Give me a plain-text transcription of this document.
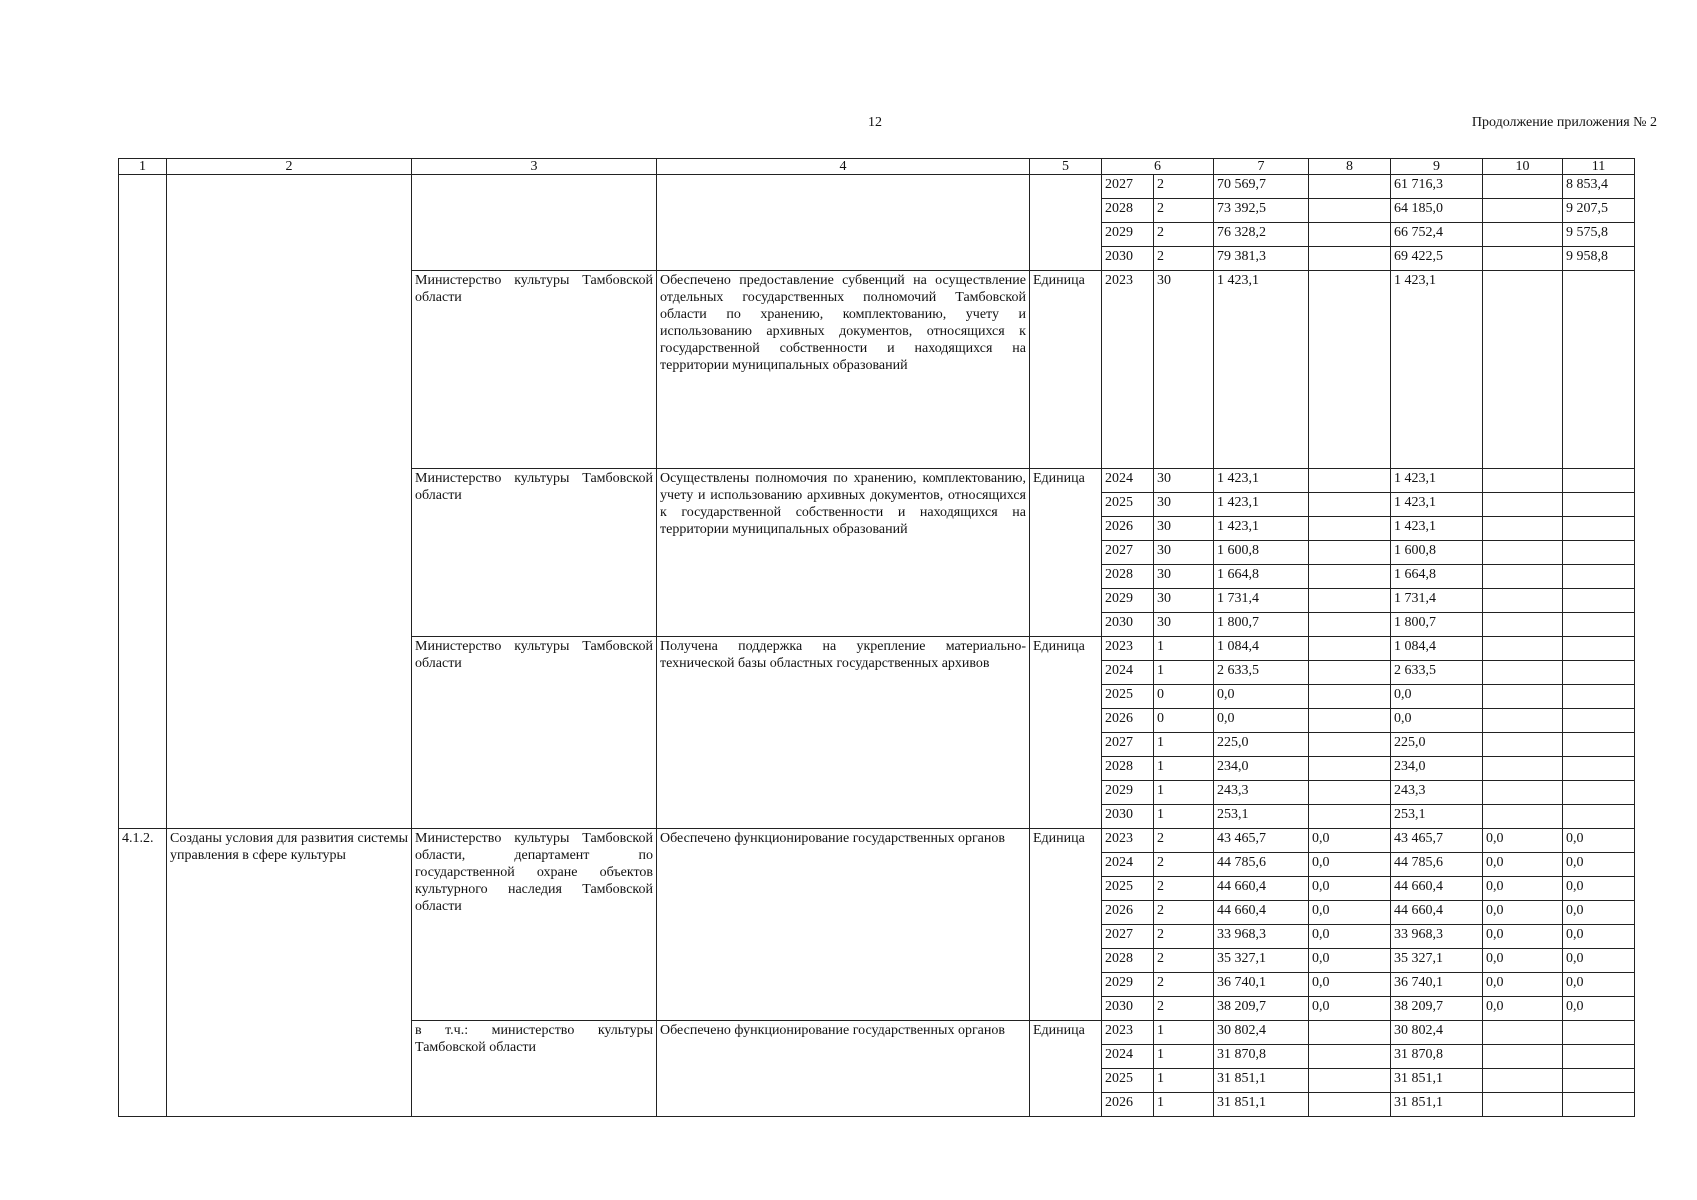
12	Продолжение приложения № 2
1	2	3	4	5	6		7	8	9	10	11
					2027	2	70 569,7		61 716,3		8 853,4
					2028	2	73 392,5		64 185,0		9 207,5
					2029	2	76 328,2		66 752,4		9 575,8
					2030	2	79 381,3		69 422,5		9 958,8
		Министерство культуры Тамбовской области	Обеспечено предоставление субвенций на осуществление отдельных государственных полномочий Тамбовской области по хранению, комплектованию, учету и использованию архивных документов, относящихся к государственной собственности и находящихся на территории муниципальных образований	Единица	2023	30	1 423,1		1 423,1		
		Министерство культуры Тамбовской области	Осуществлены полномочия по хранению, комплектованию, учету и использованию архивных документов, относящихся к государственной собственности и находящихся на территории муниципальных образований	Единица	2024	30	1 423,1		1 423,1		
					2025	30	1 423,1		1 423,1		
					2026	30	1 423,1		1 423,1		
					2027	30	1 600,8		1 600,8		
					2028	30	1 664,8		1 664,8		
					2029	30	1 731,4		1 731,4		
					2030	30	1 800,7		1 800,7		
		Министерство культуры Тамбовской области	Получена поддержка на укрепление материально-технической базы областных государственных архивов	Единица	2023	1	1 084,4		1 084,4		
					2024	1	2 633,5		2 633,5		
					2025	0	0,0		0,0		
					2026	0	0,0		0,0		
					2027	1	225,0		225,0		
					2028	1	234,0		234,0		
					2029	1	243,3		243,3		
					2030	1	253,1		253,1		
4.1.2.	Созданы условия для развития системы управления в сфере культуры	Министерство культуры Тамбовской области, департамент по государственной охране объектов культурного наследия Тамбовской области	Обеспечено функционирование государственных органов	Единица	2023	2	43 465,7	0,0	43 465,7	0,0	0,0
					2024	2	44 785,6	0,0	44 785,6	0,0	0,0
					2025	2	44 660,4	0,0	44 660,4	0,0	0,0
					2026	2	44 660,4	0,0	44 660,4	0,0	0,0
					2027	2	33 968,3	0,0	33 968,3	0,0	0,0
					2028	2	35 327,1	0,0	35 327,1	0,0	0,0
					2029	2	36 740,1	0,0	36 740,1	0,0	0,0
					2030	2	38 209,7	0,0	38 209,7	0,0	0,0
		в т.ч.: министерство культуры Тамбовской области	Обеспечено функционирование государственных органов	Единица	2023	1	30 802,4		30 802,4		
					2024	1	31 870,8		31 870,8		
					2025	1	31 851,1		31 851,1		
					2026	1	31 851,1		31 851,1		
